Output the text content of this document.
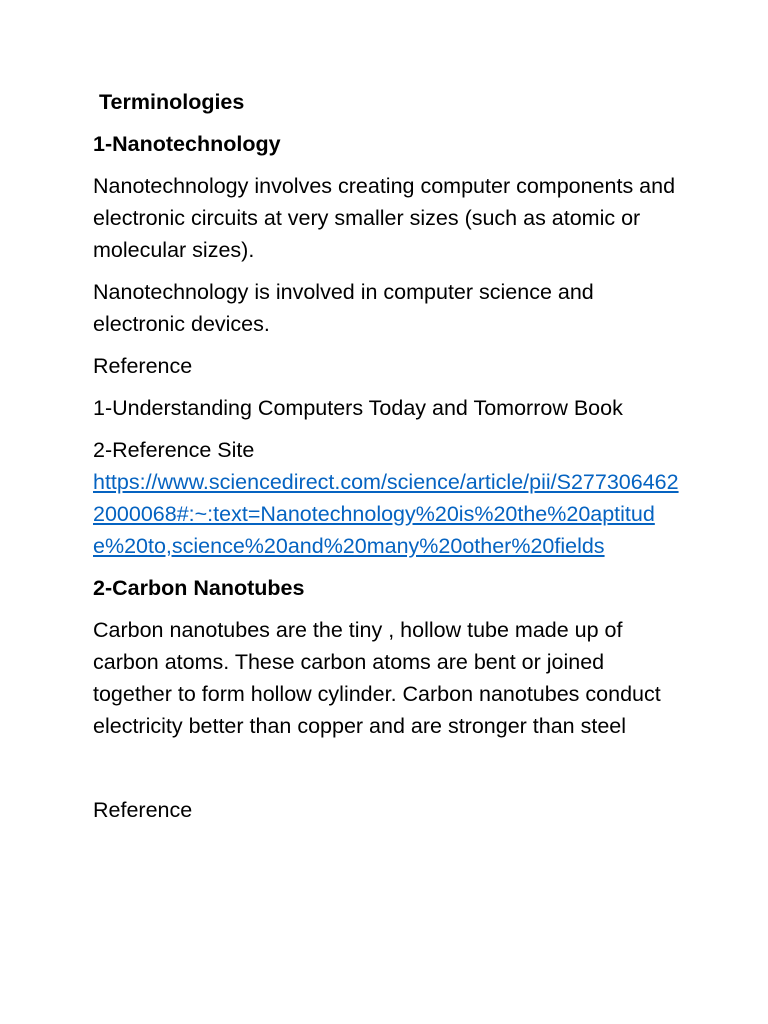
Terminologies

1-Nanotechnology

Nanotechnology involves creating computer components and electronic circuits at very smaller sizes (such as atomic or molecular sizes).

Nanotechnology is involved in computer science and electronic devices.

Reference

1-Understanding Computers Today and Tomorrow Book

2-Reference Site
https://www.sciencedirect.com/science/article/pii/S2773064622000068#:~:text=Nanotechnology%20is%20the%20aptitude%20to,science%20and%20many%20other%20fields

2-Carbon Nanotubes

Carbon nanotubes are the tiny , hollow tube made up of carbon atoms. These carbon atoms are bent or joined together to form hollow cylinder. Carbon nanotubes conduct electricity better than copper and are stronger than steel

Reference
